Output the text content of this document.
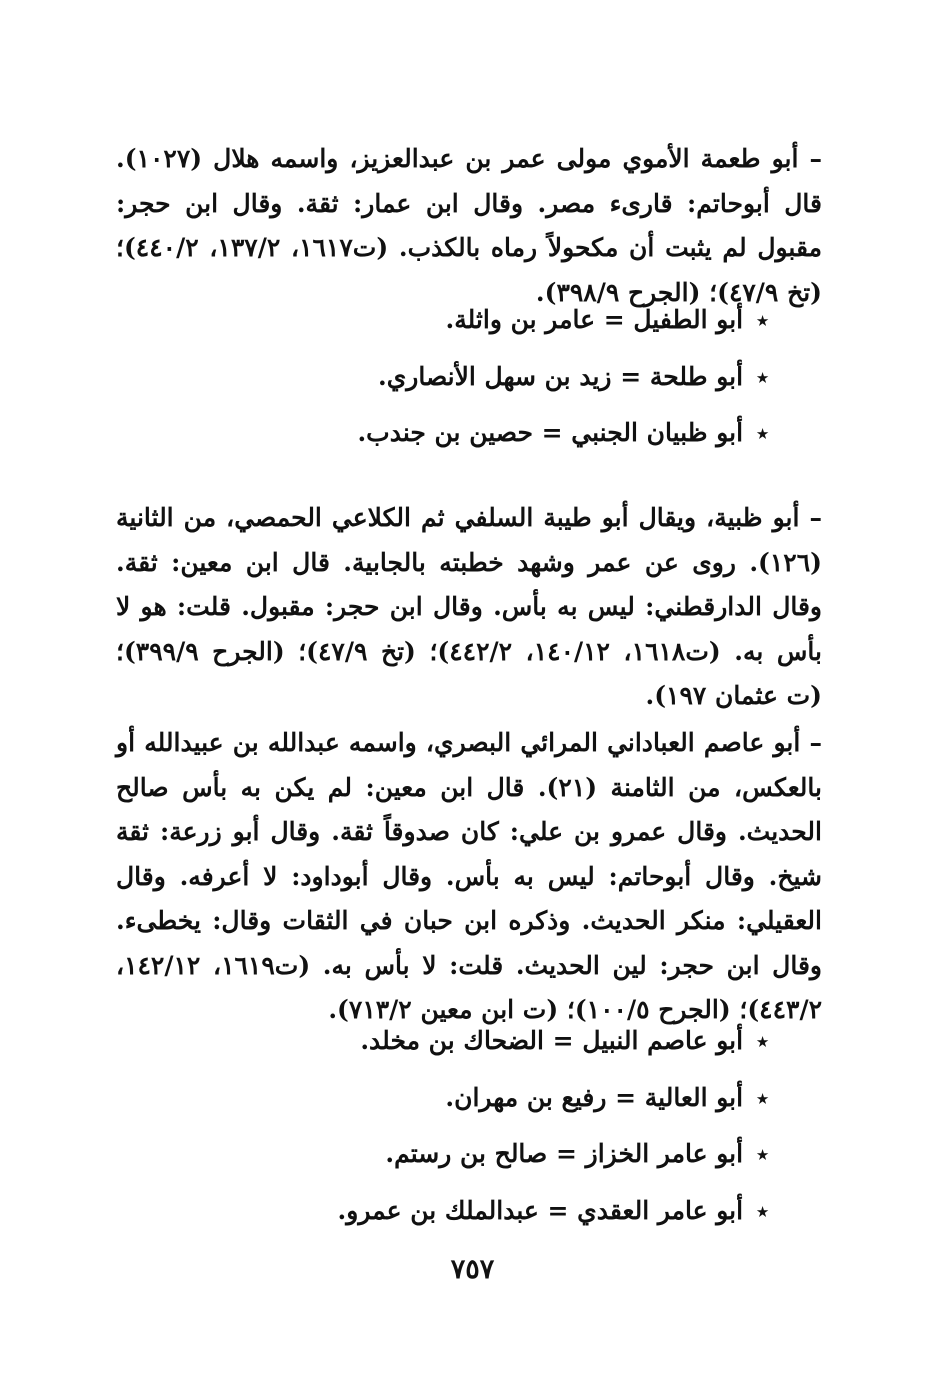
– أبو طعمة الأموي مولى عمر بن عبدالعزيز، واسمه هلال (١٠٢٧). قال أبوحاتم: قارىء مصر. وقال ابن عمار: ثقة. وقال ابن حجر: مقبول لم يثبت أن مكحولاً رماه بالكذب. (ت١٦١٧، ١٣٧/٢، ٤٤٠/٢)؛ (تخ ٤٧/٩)؛ (الجرح ٣٩٨/٩).

٭أبو الطفيل = عامر بن واثلة.
٭أبو طلحة = زيد بن سهل الأنصاري.
٭أبو ظبيان الجنبي = حصين بن جندب.

– أبو ظبية، ويقال أبو طيبة السلفي ثم الكلاعي الحمصي، من الثانية (١٢٦). روى عن عمر وشهد خطبته بالجابية. قال ابن معين: ثقة. وقال الدارقطني: ليس به بأس. وقال ابن حجر: مقبول. قلت: هو لا بأس به. (ت١٦١٨، ١٤٠/١٢، ٤٤٢/٢)؛ (تخ ٤٧/٩)؛ (الجرح ٣٩٩/٩)؛ (ت عثمان ١٩٧).

– أبو عاصم العباداني المرائي البصري، واسمه عبدالله بن عبيدالله أو بالعكس، من الثامنة (٢١). قال ابن معين: لم يكن به بأس صالح الحديث. وقال عمرو بن علي: كان صدوقاً ثقة. وقال أبو زرعة: ثقة شيخ. وقال أبوحاتم: ليس به بأس. وقال أبوداود: لا أعرفه. وقال العقيلي: منكر الحديث. وذكره ابن حبان في الثقات وقال: يخطىء. وقال ابن حجر: لين الحديث. قلت: لا بأس به. (ت١٦١٩، ١٤٢/١٢، ٤٤٣/٢)؛ (الجرح ١٠٠/٥)؛ (ت ابن معين ٧١٣/٢).

٭أبو عاصم النبيل = الضحاك بن مخلد.
٭أبو العالية = رفيع بن مهران.
٭أبو عامر الخزاز = صالح بن رستم.
٭أبو عامر العقدي = عبدالملك بن عمرو.
٧٥٧
